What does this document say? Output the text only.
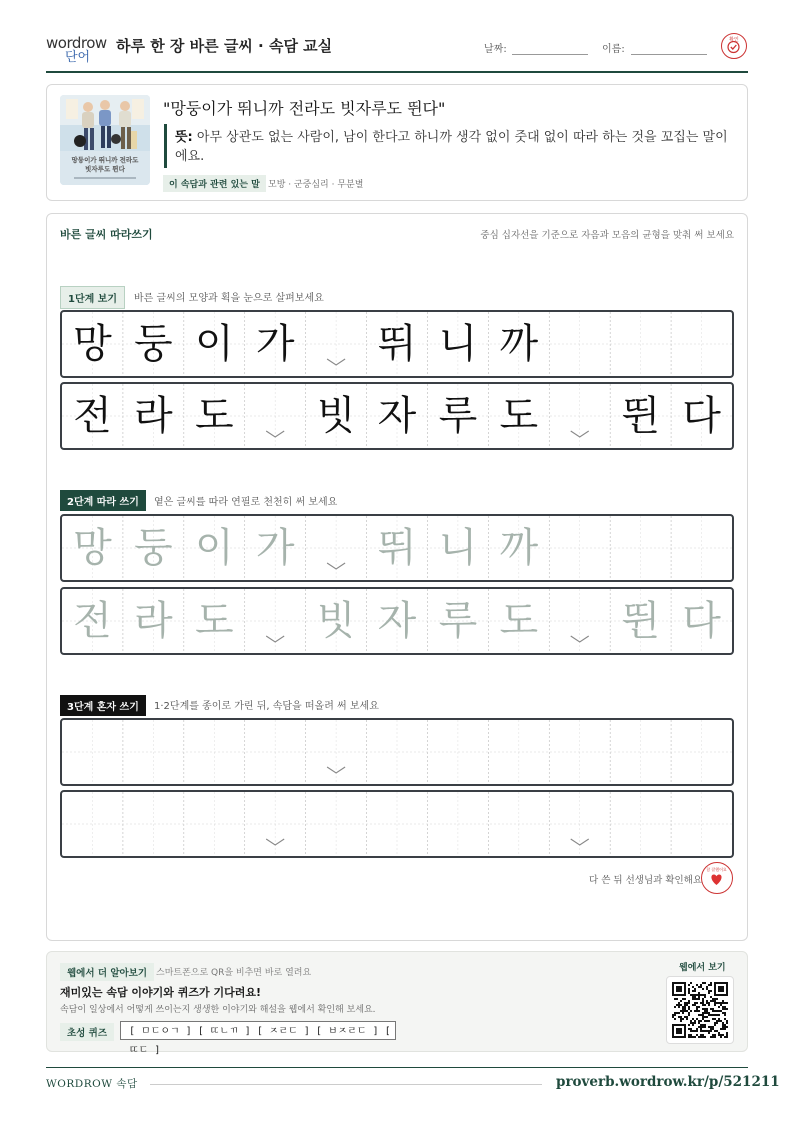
wordrow
단어
하루 한 장 바른 글씨 · 속담 교실	날짜:	이름:
확인
망둥이가 뛰니까 전라도
빗자루도 뛴다
"망둥이가 뛰니까 전라도 빗자루도 뛴다"
뜻: 아무 상관도 없는 사람이, 남이 한다고 하니까 생각 없이 줏대 없이 따라 하는 것을 꼬집는 말이에요.
이 속담과 관련 있는 말 모방 · 군중심리 · 무분별
바른 글씨 따라쓰기	중심 십자선을 기준으로 자음과 모음의 균형을 맞춰 써 보세요
1단계 보기	바른 글씨의 모양과 획을 눈으로 살펴보세요
망 둥 이 가 뛰 니 까
전 라 도 빗 자 루 도 뛴 다
2단계 따라 쓰기	옅은 글씨를 따라 연필로 천천히 써 보세요
망 둥 이 가 뛰 니 까
전 라 도 빗 자 루 도 뛴 다
3단계 혼자 쓰기	1·2단계를 종이로 가린 뒤, 속담을 떠올려 써 보세요
다 쓴 뒤 선생님과 확인해요
참 잘했어요
웹에서 더 알아보기 스마트폰으로 QR을 비추면 바로 열려요
재미있는 속담 이야기와 퀴즈가 기다려요!
속담이 일상에서 어떻게 쓰이는지 생생한 이야기와 해설을 웹에서 확인해 보세요.
초성 퀴즈	[ ㅁㄷㅇㄱ ] [ ㄸㄴㄲ ] [ ㅈㄹㄷ ] [ ㅂㅈㄹㄷ ] [ ㄸㄷ ]
웹에서 보기
WORDROW 속담	proverb.wordrow.kr/p/521211
